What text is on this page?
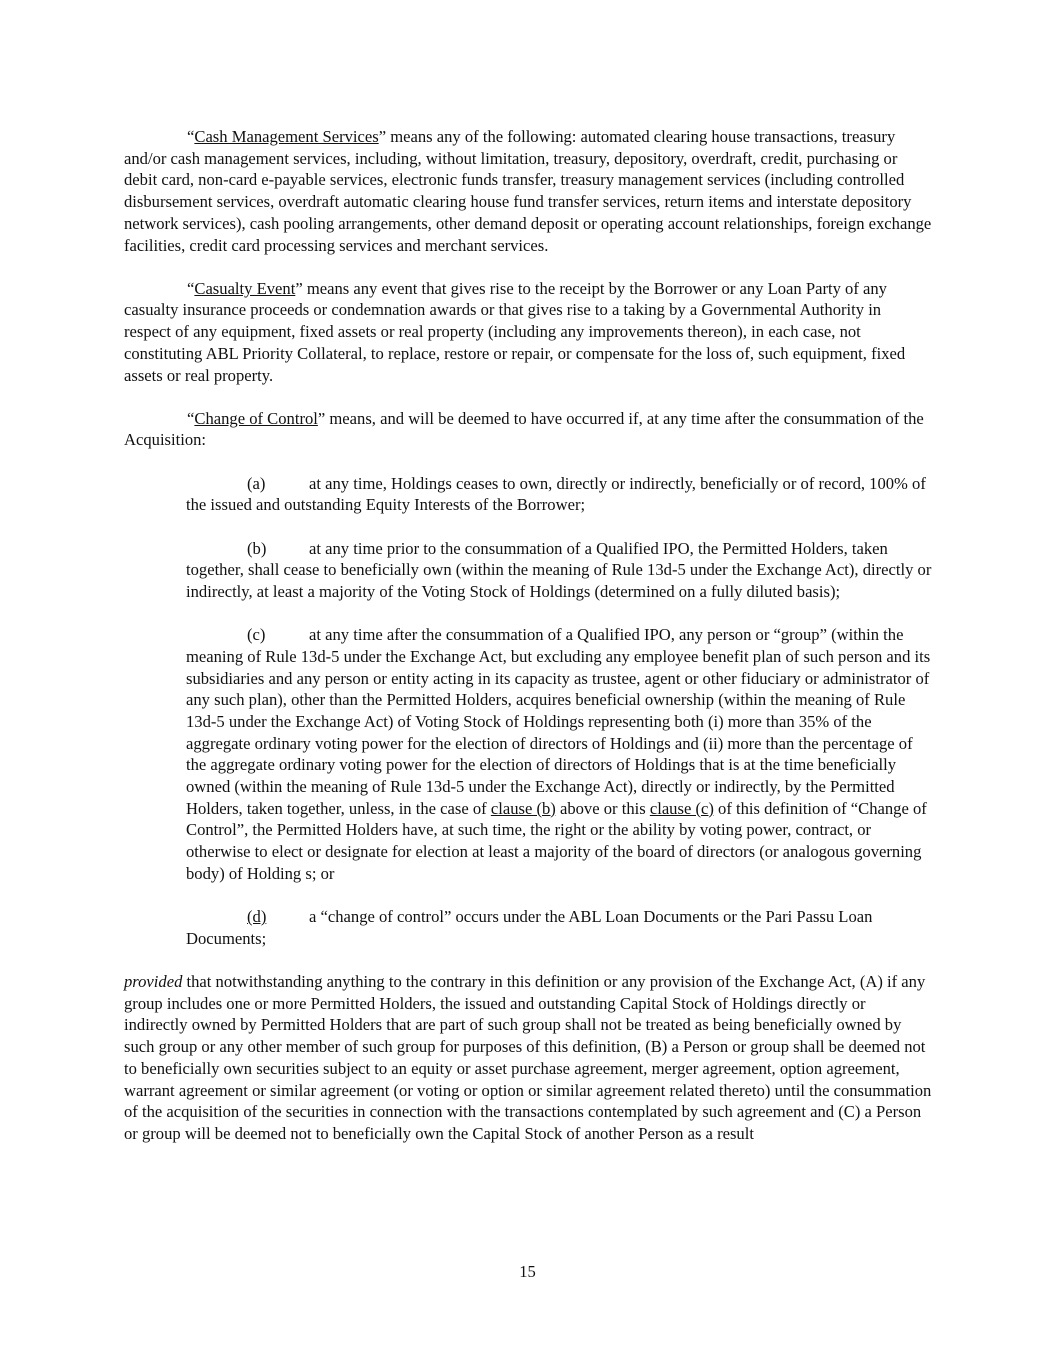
“Cash Management Services” means any of the following: automated clearing house transactions, treasury and/or cash management services, including, without limitation, treasury, depository, overdraft, credit, purchasing or debit card, non-card e-payable services, electronic funds transfer, treasury management services (including controlled disbursement services, overdraft automatic clearing house fund transfer services, return items and interstate depository network services), cash pooling arrangements, other demand deposit or operating account relationships, foreign exchange facilities, credit card processing services and merchant services.

“Casualty Event” means any event that gives rise to the receipt by the Borrower or any Loan Party of any casualty insurance proceeds or condemnation awards or that gives rise to a taking by a Governmental Authority in respect of any equipment, fixed assets or real property (including any improvements thereon), in each case, not constituting ABL Priority Collateral, to replace, restore or repair, or compensate for the loss of, such equipment, fixed assets or real property.

“Change of Control” means, and will be deemed to have occurred if, at any time after the consummation of the Acquisition:

(a)	at any time, Holdings ceases to own, directly or indirectly, beneficially or of record, 100% of the issued and outstanding Equity Interests of the Borrower;

(b)	at any time prior to the consummation of a Qualified IPO, the Permitted Holders, taken together, shall cease to beneficially own (within the meaning of Rule 13d-5 under the Exchange Act), directly or indirectly, at least a majority of the Voting Stock of Holdings (determined on a fully diluted basis);

(c)	at any time after the consummation of a Qualified IPO, any person or “group” (within the meaning of Rule 13d-5 under the Exchange Act, but excluding any employee benefit plan of such person and its subsidiaries and any person or entity acting in its capacity as trustee, agent or other fiduciary or administrator of any such plan), other than the Permitted Holders, acquires beneficial ownership (within the meaning of Rule 13d-5 under the Exchange Act) of Voting Stock of Holdings representing both (i) more than 35% of the aggregate ordinary voting power for the election of directors of Holdings and (ii) more than the percentage of the aggregate ordinary voting power for the election of directors of Holdings that is at the time beneficially owned (within the meaning of Rule 13d-5 under the Exchange Act), directly or indirectly, by the Permitted Holders, taken together, unless, in the case of clause (b) above or this clause (c) of this definition of “Change of Control”, the Permitted Holders have, at such time, the right or the ability by voting power, contract, or otherwise to elect or designate for election at least a majority of the board of directors (or analogous governing body) of Holding s; or

(d)	a “change of control” occurs under the ABL Loan Documents or the Pari Passu Loan Documents;

provided that notwithstanding anything to the contrary in this definition or any provision of the Exchange Act, (A) if any group includes one or more Permitted Holders, the issued and outstanding Capital Stock of Holdings directly or indirectly owned by Permitted Holders that are part of such group shall not be treated as being beneficially owned by such group or any other member of such group for purposes of this definition, (B) a Person or group shall be deemed not to beneficially own securities subject to an equity or asset purchase agreement, merger agreement, option agreement, warrant agreement or similar agreement (or voting or option or similar agreement related thereto) until the consummation of the acquisition of the securities in connection with the transactions contemplated by such agreement and (C) a Person or group will be deemed not to beneficially own the Capital Stock of another Person as a result

15
